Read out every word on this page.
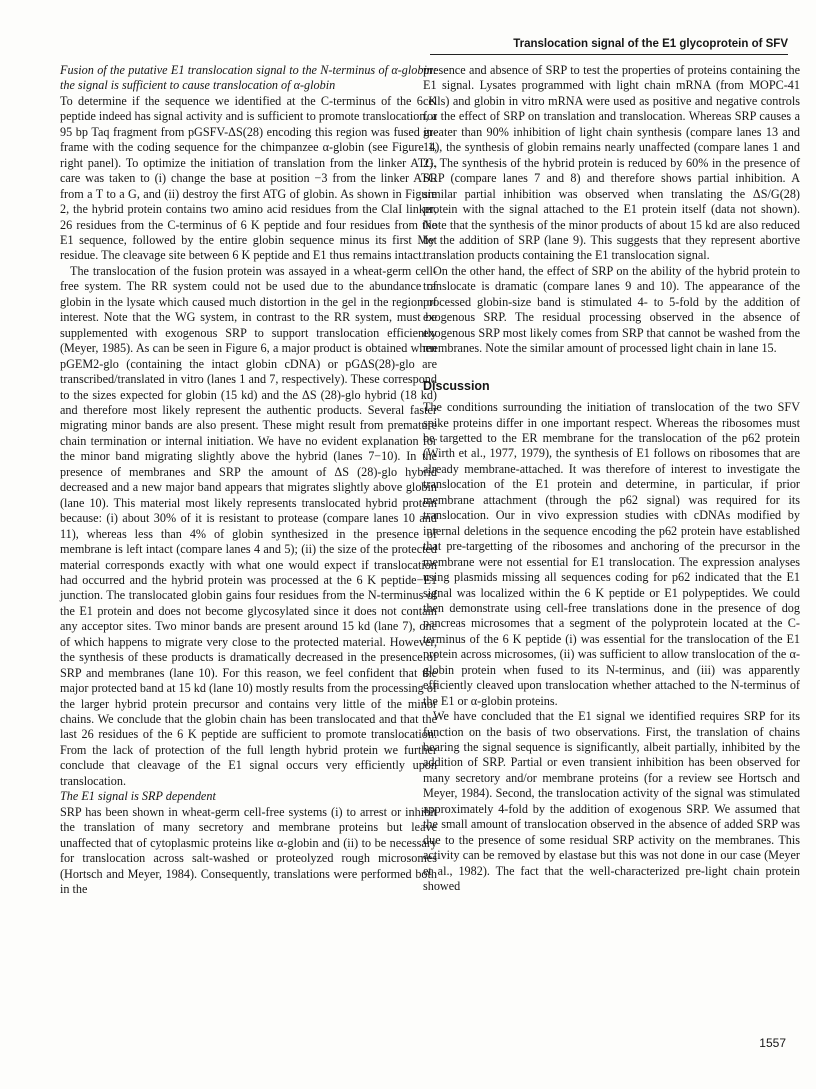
Translocation signal of the E1 glycoprotein of SFV

Fusion of the putative E1 translocation signal to the N-terminus of α-globin: the signal is sufficient to cause translocation of α-globin

To determine if the sequence we identified at the C-terminus of the 6 K peptide indeed has signal activity and is sufficient to promote translocation, a 95 bp Taq fragment from pGSFV-ΔS(28) encoding this region was fused in-frame with the coding sequence for the chimpanzee α-globin (see Figure 1, right panel). To optimize the initiation of translation from the linker ATG, care was taken to (i) change the base at position −3 from the linker ATG from a T to a G, and (ii) destroy the first ATG of globin. As shown in Figure 2, the hybrid protein contains two amino acid residues from the ClaI linker, 26 residues from the C-terminus of 6 K peptide and four residues from the E1 sequence, followed by the entire globin sequence minus its first Met residue. The cleavage site between 6 K peptide and E1 thus remains intact.

The translocation of the fusion protein was assayed in a wheat-germ cell-free system. The RR system could not be used due to the abundance of globin in the lysate which caused much distortion in the gel in the region of interest. Note that the WG system, in contrast to the RR system, must be supplemented with exogenous SRP to support translocation efficiently (Meyer, 1985). As can be seen in Figure 6, a major product is obtained when pGEM2-glo (containing the intact globin cDNA) or pGΔS(28)-glo are transcribed/translated in vitro (lanes 1 and 7, respectively). These correspond to the sizes expected for globin (15 kd) and the ΔS (28)-glo hybrid (18 kd) and therefore most likely represent the authentic products. Several faster migrating minor bands are also present. These might result from premature chain termination or internal initiation. We have no evident explanation for the minor band migrating slightly above the hybrid (lanes 7−10). In the presence of membranes and SRP the amount of ΔS (28)-glo hybrid decreased and a new major band appears that migrates slightly above globin (lane 10). This material most likely represents translocated hybrid protein because: (i) about 30% of it is resistant to protease (compare lanes 10 and 11), whereas less than 4% of globin synthesized in the presence of membrane is left intact (compare lanes 4 and 5); (ii) the size of the protected material corresponds exactly with what one would expect if translocation had occurred and the hybrid protein was processed at the 6 K peptide−E1 junction. The translocated globin gains four residues from the N-terminus of the E1 protein and does not become glycosylated since it does not contain any acceptor sites. Two minor bands are present around 15 kd (lane 7), one of which happens to migrate very close to the protected material. However, the synthesis of these products is dramatically decreased in the presence of SRP and membranes (lane 10). For this reason, we feel confident that the major protected band at 15 kd (lane 10) mostly results from the processing of the larger hybrid protein precursor and contains very little of the minor chains. We conclude that the globin chain has been translocated and that the last 26 residues of the 6 K peptide are sufficient to promote translocation. From the lack of protection of the full length hybrid protein we further conclude that cleavage of the E1 signal occurs very efficiently upon translocation.

The E1 signal is SRP dependent

SRP has been shown in wheat-germ cell-free systems (i) to arrest or inhibit the translation of many secretory and membrane proteins but leave unaffected that of cytoplasmic proteins like α-globin and (ii) to be necessary for translocation across salt-washed or proteolyzed rough microsomes (Hortsch and Meyer, 1984). Consequently, translations were performed both in the

presence and absence of SRP to test the properties of proteins containing the E1 signal. Lysates programmed with light chain mRNA (from MOPC-41 cells) and globin in vitro mRNA were used as positive and negative controls for the effect of SRP on translation and translocation. Whereas SRP causes a greater than 90% inhibition of light chain synthesis (compare lanes 13 and 14), the synthesis of globin remains nearly unaffected (compare lanes 1 and 2). The synthesis of the hybrid protein is reduced by 60% in the presence of SRP (compare lanes 7 and 8) and therefore shows partial inhibition. A similar partial inhibition was observed when translating the ΔS/G(28) protein with the signal attached to the E1 protein itself (data not shown). Note that the synthesis of the minor products of about 15 kd are also reduced by the addition of SRP (lane 9). This suggests that they represent abortive translation products containing the E1 translocation signal.

On the other hand, the effect of SRP on the ability of the hybrid protein to translocate is dramatic (compare lanes 9 and 10). The appearance of the processed globin-size band is stimulated 4- to 5-fold by the addition of exogenous SRP. The residual processing observed in the absence of exogenous SRP most likely comes from SRP that cannot be washed from the membranes. Note the similar amount of processed light chain in lane 15.

Discussion

The conditions surrounding the initiation of translocation of the two SFV spike proteins differ in one important respect. Whereas the ribosomes must be targetted to the ER membrane for the translocation of the p62 protein (Wirth et al., 1977, 1979), the synthesis of E1 follows on ribosomes that are already membrane-attached. It was therefore of interest to investigate the translocation of the E1 protein and determine, in particular, if prior membrane attachment (through the p62 signal) was required for its translocation. Our in vivo expression studies with cDNAs modified by internal deletions in the sequence encoding the p62 protein have established that pre-targetting of the ribosomes and anchoring of the precursor in the membrane were not essential for E1 translocation. The expression analyses using plasmids missing all sequences coding for p62 indicated that the E1 signal was localized within the 6 K peptide or E1 polypeptides. We could then demonstrate using cell-free translations done in the presence of dog pancreas microsomes that a segment of the polyprotein located at the C-terminus of the 6 K peptide (i) was essential for the translocation of the E1 protein across microsomes, (ii) was sufficient to allow translocation of the α-globin protein when fused to its N-terminus, and (iii) was apparently efficiently cleaved upon translocation whether attached to the N-terminus of the E1 or α-globin proteins.

We have concluded that the E1 signal we identified requires SRP for its function on the basis of two observations. First, the translation of chains bearing the signal sequence is significantly, albeit partially, inhibited by the addition of SRP. Partial or even transient inhibition has been observed for many secretory and/or membrane proteins (for a review see Hortsch and Meyer, 1984). Second, the translocation activity of the signal was stimulated approximately 4-fold by the addition of exogenous SRP. We assumed that the small amount of translocation observed in the absence of added SRP was due to the presence of some residual SRP activity on the membranes. This activity can be removed by elastase but this was not done in our case (Meyer et al., 1982). The fact that the well-characterized pre-light chain protein showed

1557
